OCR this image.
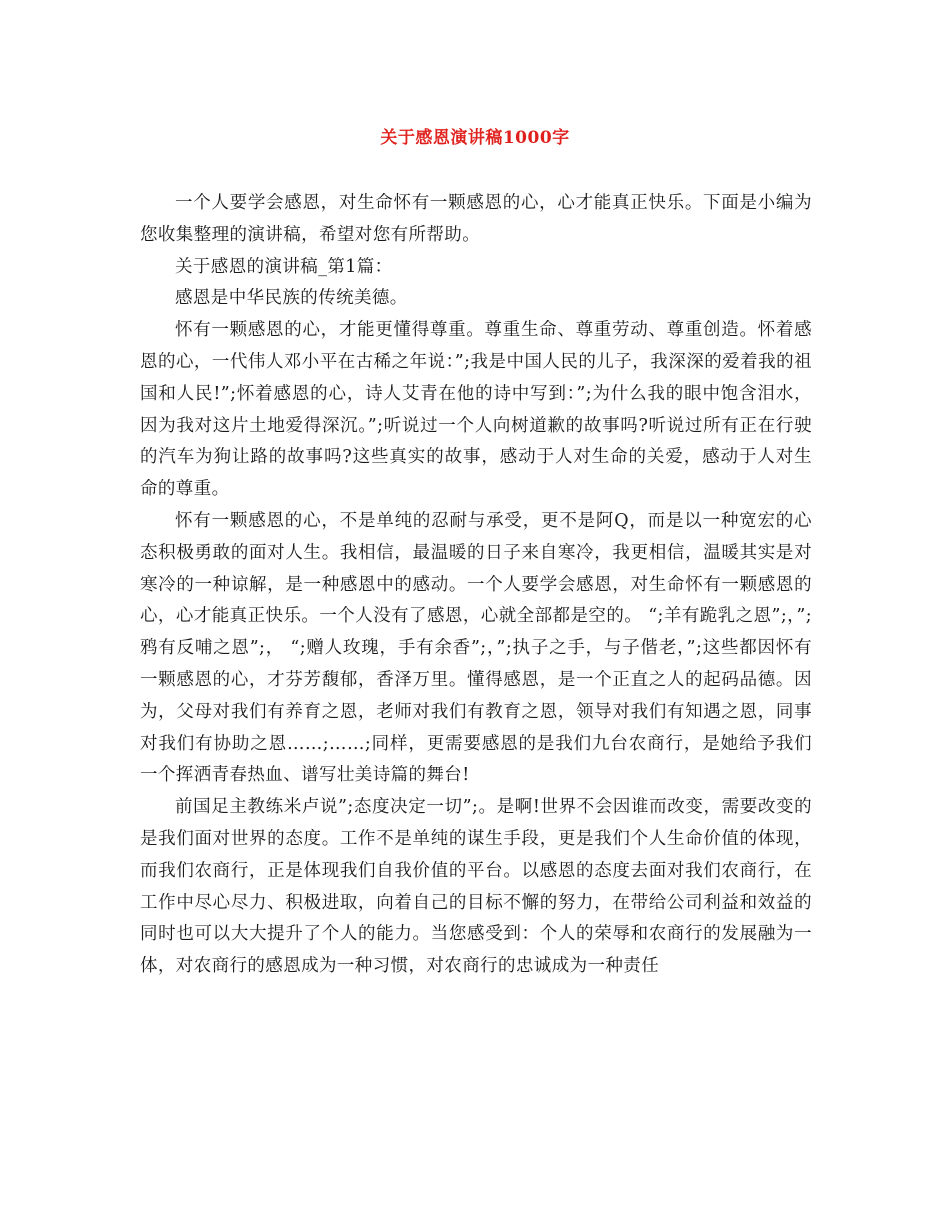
关于感恩演讲稿1000字

一个人要学会感恩，对生命怀有一颗感恩的心，心才能真正快乐。下面是小编为您收集整理的演讲稿，希望对您有所帮助。

关于感恩的演讲稿_第1篇：

感恩是中华民族的传统美德。

怀有一颗感恩的心，才能更懂得尊重。尊重生命、尊重劳动、尊重创造。怀着感恩的心，一代伟人邓小平在古稀之年说：”;我是中国人民的儿子，我深深的爱着我的祖国和人民!”;怀着感恩的心，诗人艾青在他的诗中写到：”;为什么我的眼中饱含泪水，因为我对这片土地爱得深沉。”;听说过一个人向树道歉的故事吗?听说过所有正在行驶的汽车为狗让路的故事吗?这些真实的故事，感动于人对生命的关爱，感动于人对生命的尊重。

怀有一颗感恩的心，不是单纯的忍耐与承受，更不是阿Q，而是以一种宽宏的心态积极勇敢的面对人生。我相信，最温暖的日子来自寒冷，我更相信，温暖其实是对寒冷的一种谅解，是一种感恩中的感动。一个人要学会感恩，对生命怀有一颗感恩的心，心才能真正快乐。一个人没有了感恩，心就全部都是空的。 “;羊有跪乳之恩”;，”;鸦有反哺之恩”;， “;赠人玫瑰，手有余香”;，”;执子之手，与子偕老，”;这些都因怀有一颗感恩的心，才芬芳馥郁，香泽万里。懂得感恩，是一个正直之人的起码品德。因为，父母对我们有养育之恩，老师对我们有教育之恩，领导对我们有知遇之恩，同事对我们有协助之恩……;……;同样，更需要感恩的是我们九台农商行，是她给予我们一个挥洒青春热血、谱写壮美诗篇的舞台!

前国足主教练米卢说”;态度决定一切”;。是啊!世界不会因谁而改变，需要改变的是我们面对世界的态度。工作不是单纯的谋生手段，更是我们个人生命价值的体现，而我们农商行，正是体现我们自我价值的平台。以感恩的态度去面对我们农商行，在工作中尽心尽力、积极进取，向着自己的目标不懈的努力，在带给公司利益和效益的同时也可以大大提升了个人的能力。当您感受到：个人的荣辱和农商行的发展融为一体，对农商行的感恩成为一种习惯，对农商行的忠诚成为一种责任
